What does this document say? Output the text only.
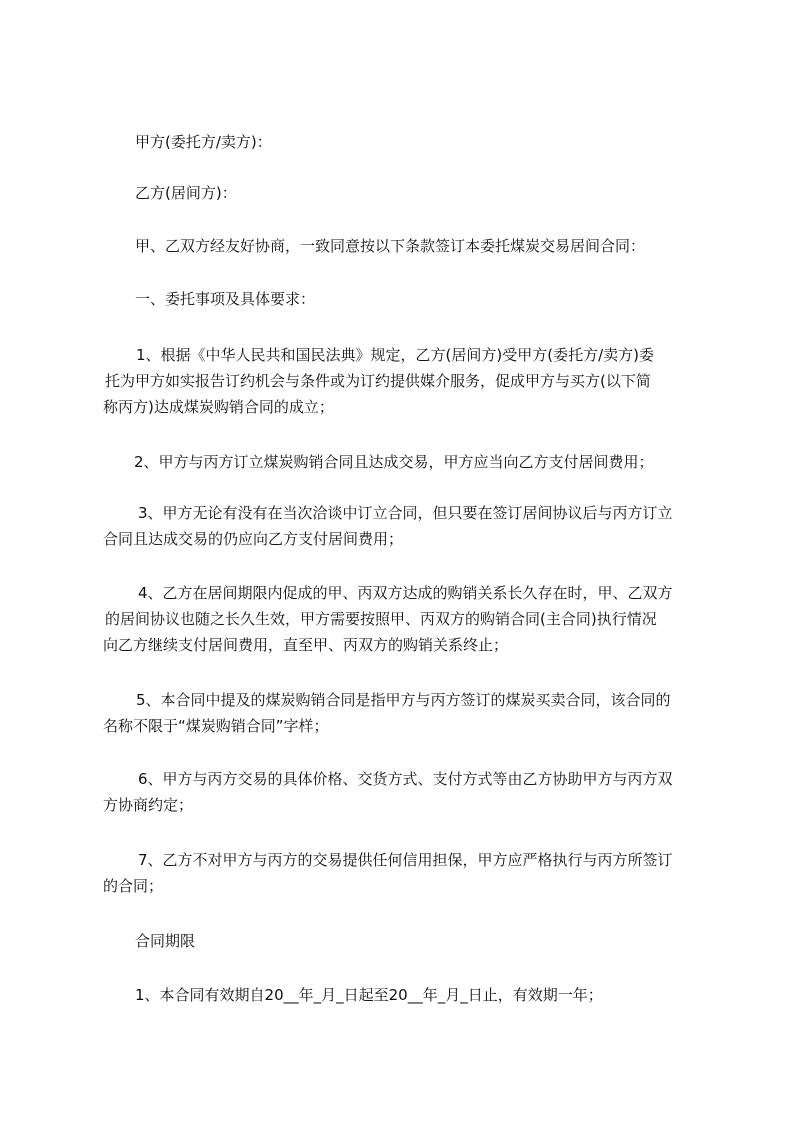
甲方(委托方/卖方)：

乙方(居间方)：

甲、乙双方经友好协商，一致同意按以下条款签订本委托煤炭交易居间合同：

一、委托事项及具体要求：

1、根据《中华人民共和国民法典》规定，乙方(居间方)受甲方(委托方/卖方)委
托为甲方如实报告订约机会与条件或为订约提供媒介服务，促成甲方与买方(以下简
称丙方)达成煤炭购销合同的成立；
2、甲方与丙方订立煤炭购销合同且达成交易，甲方应当向乙方支付居间费用；
3、甲方无论有没有在当次洽谈中订立合同，但只要在签订居间协议后与丙方订立
合同且达成交易的仍应向乙方支付居间费用；
4、乙方在居间期限内促成的甲、丙双方达成的购销关系长久存在时，甲、乙双方
的居间协议也随之长久生效，甲方需要按照甲、丙双方的购销合同(主合同)执行情况
向乙方继续支付居间费用，直至甲、丙双方的购销关系终止；
5、本合同中提及的煤炭购销合同是指甲方与丙方签订的煤炭买卖合同，该合同的
名称不限于“煤炭购销合同”字样；
6、甲方与丙方交易的具体价格、交货方式、支付方式等由乙方协助甲方与丙方双
方协商约定；
7、乙方不对甲方与丙方的交易提供任何信用担保，甲方应严格执行与丙方所签订
的合同；

合同期限

1、本合同有效期自20__年_月_日起至20__年_月_日止，有效期一年；
